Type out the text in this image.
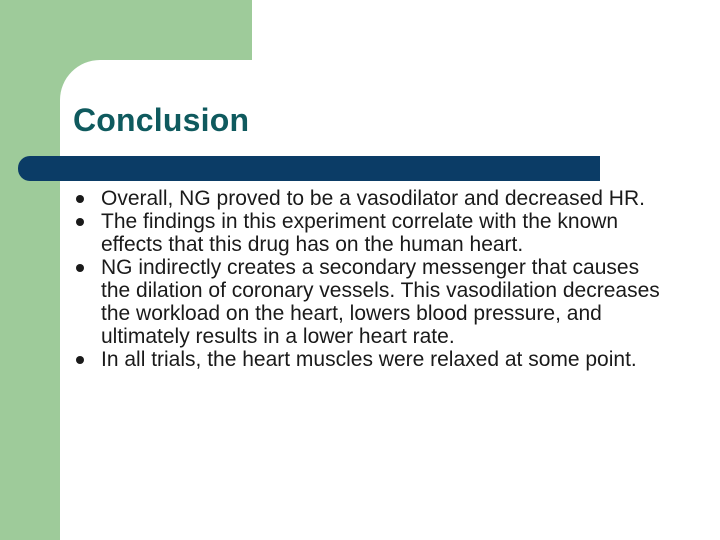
Conclusion
Overall, NG proved to be a vasodilator and decreased HR.
The findings in this experiment correlate with the known effects that this drug has on the human heart.
NG indirectly creates a secondary messenger that causes the dilation of coronary vessels. This vasodilation decreases the workload on the heart, lowers blood pressure, and ultimately results in a lower heart rate.
In all trials, the heart muscles were relaxed at some point.
